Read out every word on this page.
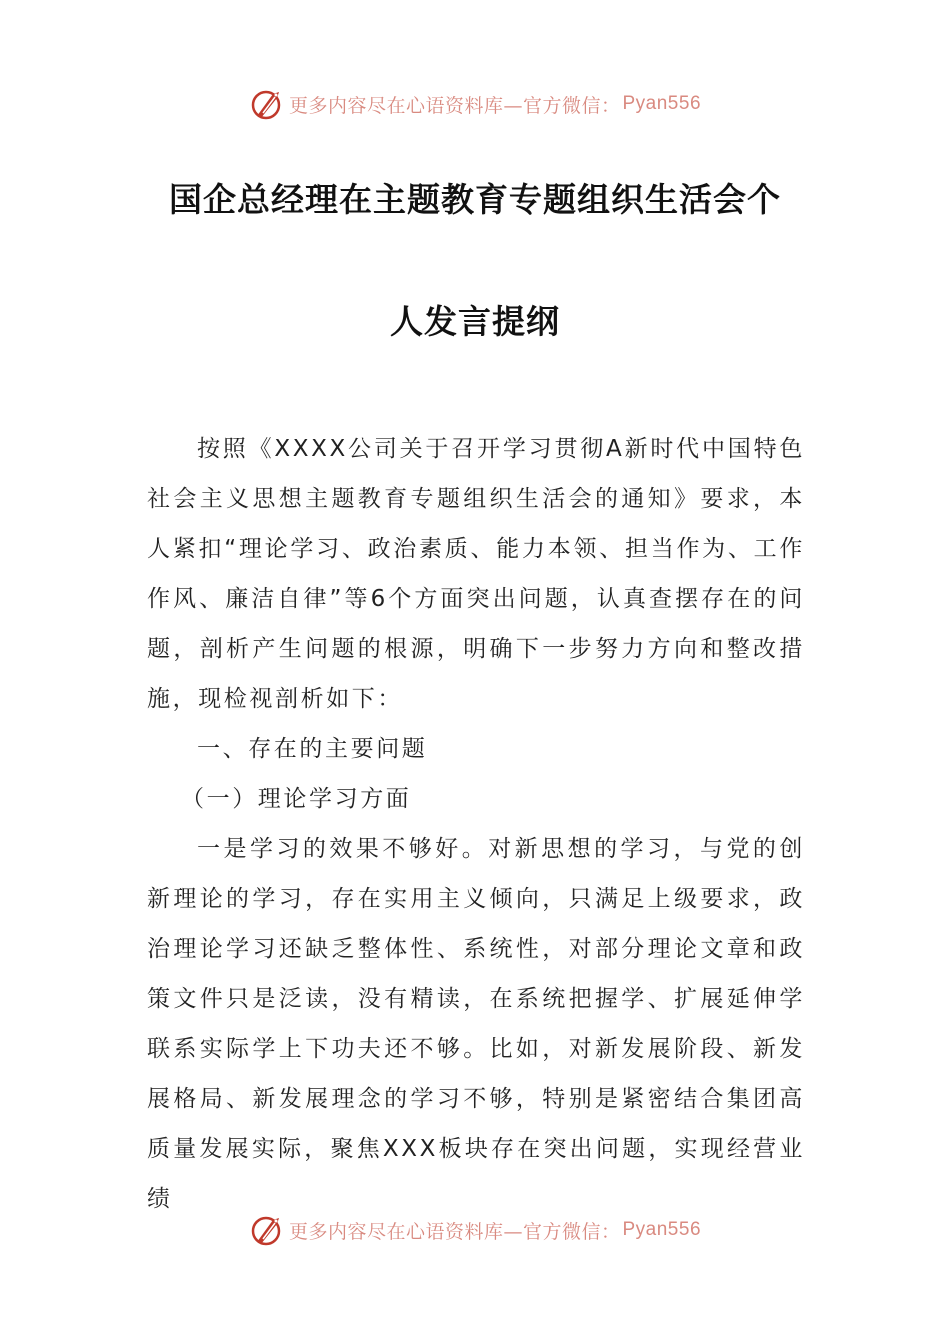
更多内容尽在心语资料库—官方微信： Pyan556
国企总经理在主题教育专题组织生活会个
人发言提纲

按照《XXXX公司关于召开学习贯彻A新时代中国特色社会主义思想主题教育专题组织生活会的通知》要求，本人紧扣“理论学习、政治素质、能力本领、担当作为、工作作风、廉洁自律”等6个方面突出问题，认真查摆存在的问题，剖析产生问题的根源，明确下一步努力方向和整改措施，现检视剖析如下：

一、存在的主要问题

（一）理论学习方面

一是学习的效果不够好。对新思想的学习，与党的创新理论的学习，存在实用主义倾向，只满足上级要求，政治理论学习还缺乏整体性、系统性，对部分理论文章和政策文件只是泛读，没有精读，在系统把握学、扩展延伸学联系实际学上下功夫还不够。比如，对新发展阶段、新发展格局、新发展理念的学习不够，特别是紧密结合集团高质量发展实际，聚焦XXX板块存在突出问题，实现经营业绩

更多内容尽在心语资料库—官方微信： Pyan556
